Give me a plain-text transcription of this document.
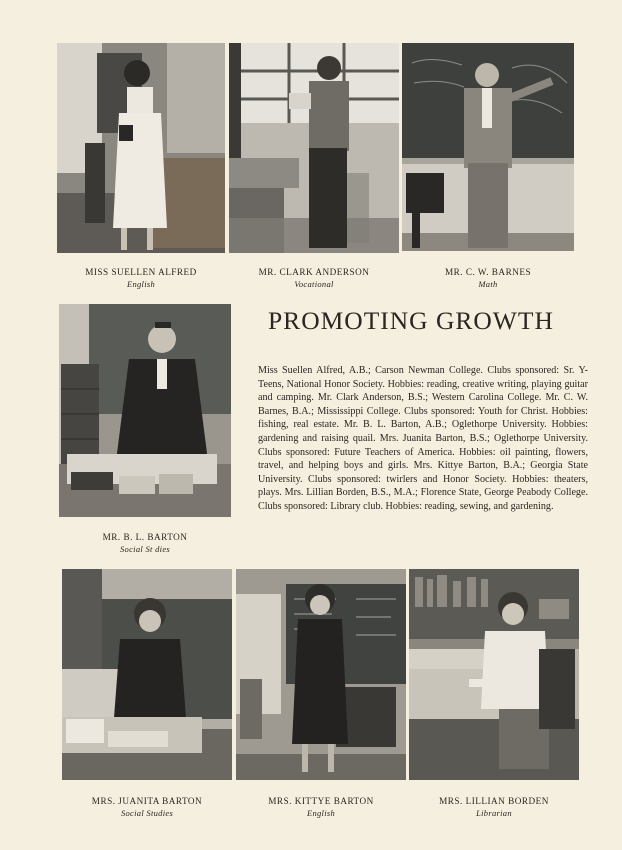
MISS SUELLEN ALFRED
English
MR. CLARK ANDERSON
Vocational
MR. C. W. BARNES
Math
MR. B. L. BARTON
Social St dies
PROMOTING GROWTH
Miss Suellen Alfred, A.B.; Carson Newman College. Clubs sponsored: Sr. Y-Teens, National Honor Society. Hobbies: reading, creative writing, playing guitar and camping. Mr. Clark Anderson, B.S.; Western Carolina College. Mr. C. W. Barnes, B.A.; Mississippi College. Clubs sponsored: Youth for Christ. Hobbies: fishing, real estate. Mr. B. L. Barton, A.B.; Oglethorpe University. Hobbies: gardening and raising quail. Mrs. Juanita Barton, B.S.; Oglethorpe University. Clubs sponsored: Future Teachers of America. Hobbies: oil painting, flowers, travel, and helping boys and girls. Mrs. Kittye Barton, B.A.; Georgia State University. Clubs sponsored: twirlers and Honor Society. Hobbies: theaters, plays. Mrs. Lillian Borden, B.S., M.A.; Florence State, George Peabody College. Clubs sponsored: Library club. Hobbies: reading, sewing, and gardening.
MRS. JUANITA BARTON
Social Studies
MRS. KITTYE BARTON
English
MRS. LILLIAN BORDEN
Librarian
